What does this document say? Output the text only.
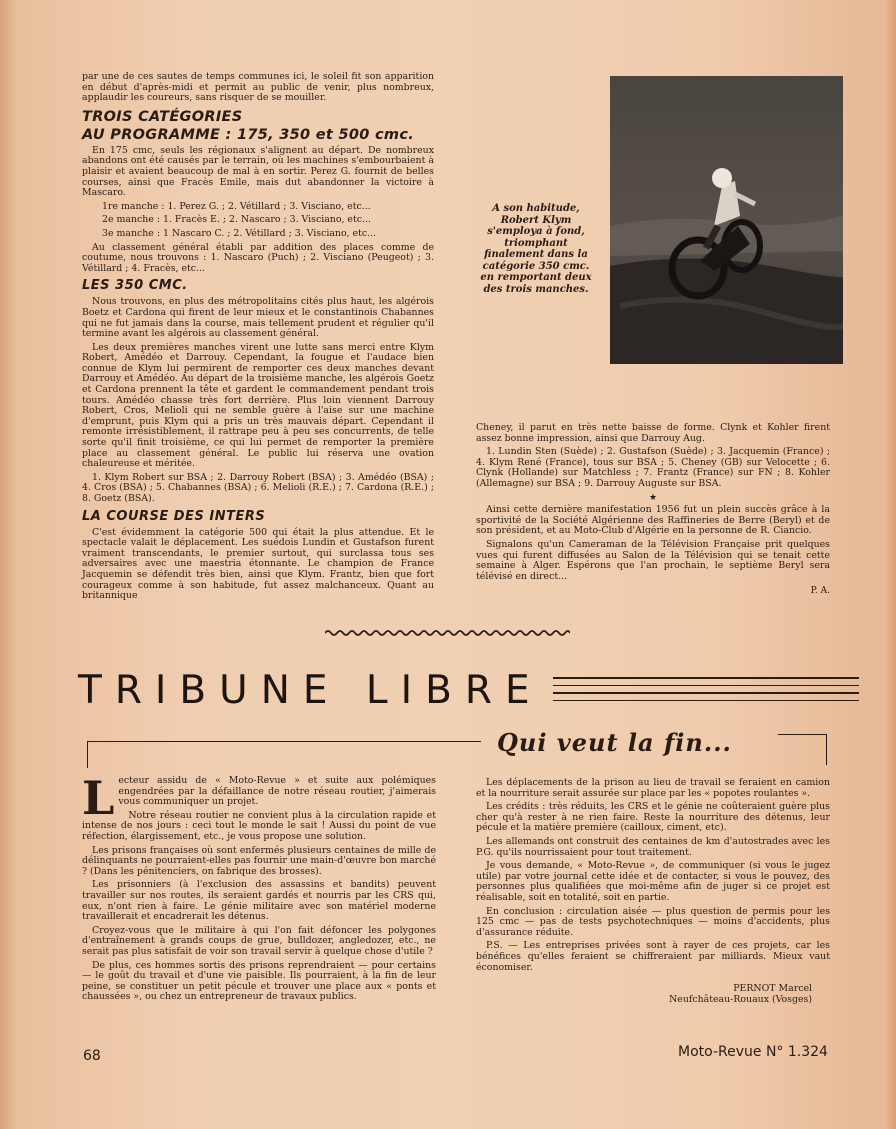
par une de ces sautes de temps communes ici, le soleil fit son apparition en début d'après-midi et permit au public de venir, plus nombreux, applaudir les coureurs, sans risquer de se mouiller.

TROIS CATÉGORIES
AU PROGRAMME : 175, 350 et 500 cmc.

En 175 cmc, seuls les régionaux s'alignent au départ. De nombreux abandons ont été causés par le terrain, où les machines s'embourbaient à plaisir et avaient beaucoup de mal à en sortir. Perez G. fournit de belles courses, ainsi que Fracès Emile, mais dut abandonner la victoire à Mascaro.

1re manche : 1. Perez G. ; 2. Vétillard ; 3. Visciano, etc...

2e manche : 1. Fracès E. ; 2. Nascaro ; 3. Visciano, etc...

3e manche : 1 Nascaro C. ; 2. Vétillard ; 3. Visciano, etc...

Au classement général établi par addition des places comme de coutume, nous trouvons : 1. Nascaro (Puch) ; 2. Visciano (Peugeot) ; 3. Vétillard ; 4. Fracès, etc...

LES 350 CMC.

Nous trouvons, en plus des métropolitains cités plus haut, les algérois Boetz et Cardona qui firent de leur mieux et le constantinois Chabannes qui ne fut jamais dans la course, mais tellement prudent et régulier qu'il termine avant les algérois au classement général.

Les deux premières manches virent une lutte sans merci entre Klym Robert, Amédéo et Darrouy. Cependant, la fougue et l'audace bien connue de Klym lui permirent de remporter ces deux manches devant Darrouy et Amédéo. Au départ de la troisième manche, les algérois Goetz et Cardona prennent la tête et gardent le commandement pendant trois tours. Amédéo chasse très fort derrière. Plus loin viennent Darrouy Robert, Cros, Melioli qui ne semble guère à l'aise sur une machine d'emprunt, puis Klym qui a pris un très mauvais départ. Cependant il remonte irrésistiblement, il rattrape peu à peu ses concurrents, de telle sorte qu'il finit troisième, ce qui lui permet de remporter la première place au classement général. Le public lui réserva une ovation chaleureuse et méritée.

1. Klym Robert sur BSA ; 2. Darrouy Robert (BSA) ; 3. Amédéo (BSA) ; 4. Cros (BSA) ; 5. Chabannes (BSA) ; 6. Melioli (R.E.) ; 7. Cardona (R.E.) ; 8. Goetz (BSA).

LA COURSE DES INTERS

C'est évidemment la catégorie 500 qui était la plus attendue. Et le spectacle valait le déplacement. Les suédois Lundin et Gustafson furent vraiment transcendants, le premier surtout, qui surclassa tous ses adversaires avec une maestria étonnante. Le champion de France Jacquemin se défendit très bien, ainsi que Klym. Frantz, bien que fort courageux comme à son habitude, fut assez malchanceux. Quant au britannique

A son habitude, Robert Klym s'employa à fond, triomphant finalement dans la catégorie 350 cmc. en remportant deux des trois manches.

Cheney, il parut en très nette baisse de forme. Clynk et Kohler firent assez bonne impression, ainsi que Darrouy Aug.

1. Lundin Sten (Suède) ; 2. Gustafson (Suède) ; 3. Jacquemin (France) ; 4. Klym René (France), tous sur BSA ; 5. Cheney (GB) sur Velocette ; 6. Clynk (Hollande) sur Matchless ; 7. Frantz (France) sur FN ; 8. Kohler (Allemagne) sur BSA ; 9. Darrouy Auguste sur BSA.

★

Ainsi cette dernière manifestation 1956 fut un plein succès grâce à la sportivité de la Société Algérienne des Raffineries de Berre (Beryl) et de son président, et au Moto-Club d'Algérie en la personne de R. Ciancio.

Signalons qu'un Cameraman de la Télévision Française prit quelques vues qui furent diffusées au Salon de la Télévision qui se tenait cette semaine à Alger. Espérons que l'an prochain, le septième Beryl sera télévisé en direct...

P. A.
TRIBUNE LIBRE
Qui veut la fin...

Lecteur assidu de « Moto-Revue » et suite aux polémiques engendrées par la défaillance de notre réseau routier, j'aimerais vous communiquer un projet.

Notre réseau routier ne convient plus à la circulation rapide et intense de nos jours : ceci tout le monde le sait ! Aussi du point de vue réfection, élargissement, etc., je vous propose une solution.

Les prisons françaises où sont enfermés plusieurs centaines de mille de délinquants ne pourraient-elles pas fournir une main-d'œuvre bon marché ? (Dans les pénitenciers, on fabrique des brosses).

Les prisonniers (à l'exclusion des assassins et bandits) peuvent travailler sur nos routes, ils seraient gardés et nourris par les CRS qui, eux, n'ont rien à faire. Le génie militaire avec son matériel moderne travaillerait et encadrerait les détenus.

Croyez-vous que le militaire à qui l'on fait défoncer les polygones d'entraînement à grands coups de grue, bulldozer, angledozer, etc., ne serait pas plus satisfait de voir son travail servir à quelque chose d'utile ?

De plus, ces hommes sortis des prisons reprendraient — pour certains — le goût du travail et d'une vie paisible. Ils pourraient, à la fin de leur peine, se constituer un petit pécule et trouver une place aux « ponts et chaussées », ou chez un entrepreneur de travaux publics.

Les déplacements de la prison au lieu de travail se feraient en camion et la nourriture serait assurée sur place par les « popotes roulantes ».

Les crédits : très réduits, les CRS et le génie ne coûteraient guère plus cher qu'à rester à ne rien faire. Reste la nourriture des détenus, leur pécule et la matière première (cailloux, ciment, etc).

Les allemands ont construit des centaines de km d'autostrades avec les P.G. qu'ils nourrissaient pour tout traitement.

Je vous demande, « Moto-Revue », de communiquer (si vous le jugez utile) par votre journal cette idée et de contacter, si vous le pouvez, des personnes plus qualifiées que moi-même afin de juger si ce projet est réalisable, soit en totalité, soit en partie.

En conclusion : circulation aisée — plus question de permis pour les 125 cmc — pas de tests psychotechniques — moins d'accidents, plus d'assurance réduite.

P.S. — Les entreprises privées sont à rayer de ces projets, car les bénéfices qu'elles feraient se chiffreraient par milliards. Mieux vaut économiser.

PERNOT Marcel
Neufchâteau-Rouaux (Vosges)
68	Moto-Revue N° 1.324
